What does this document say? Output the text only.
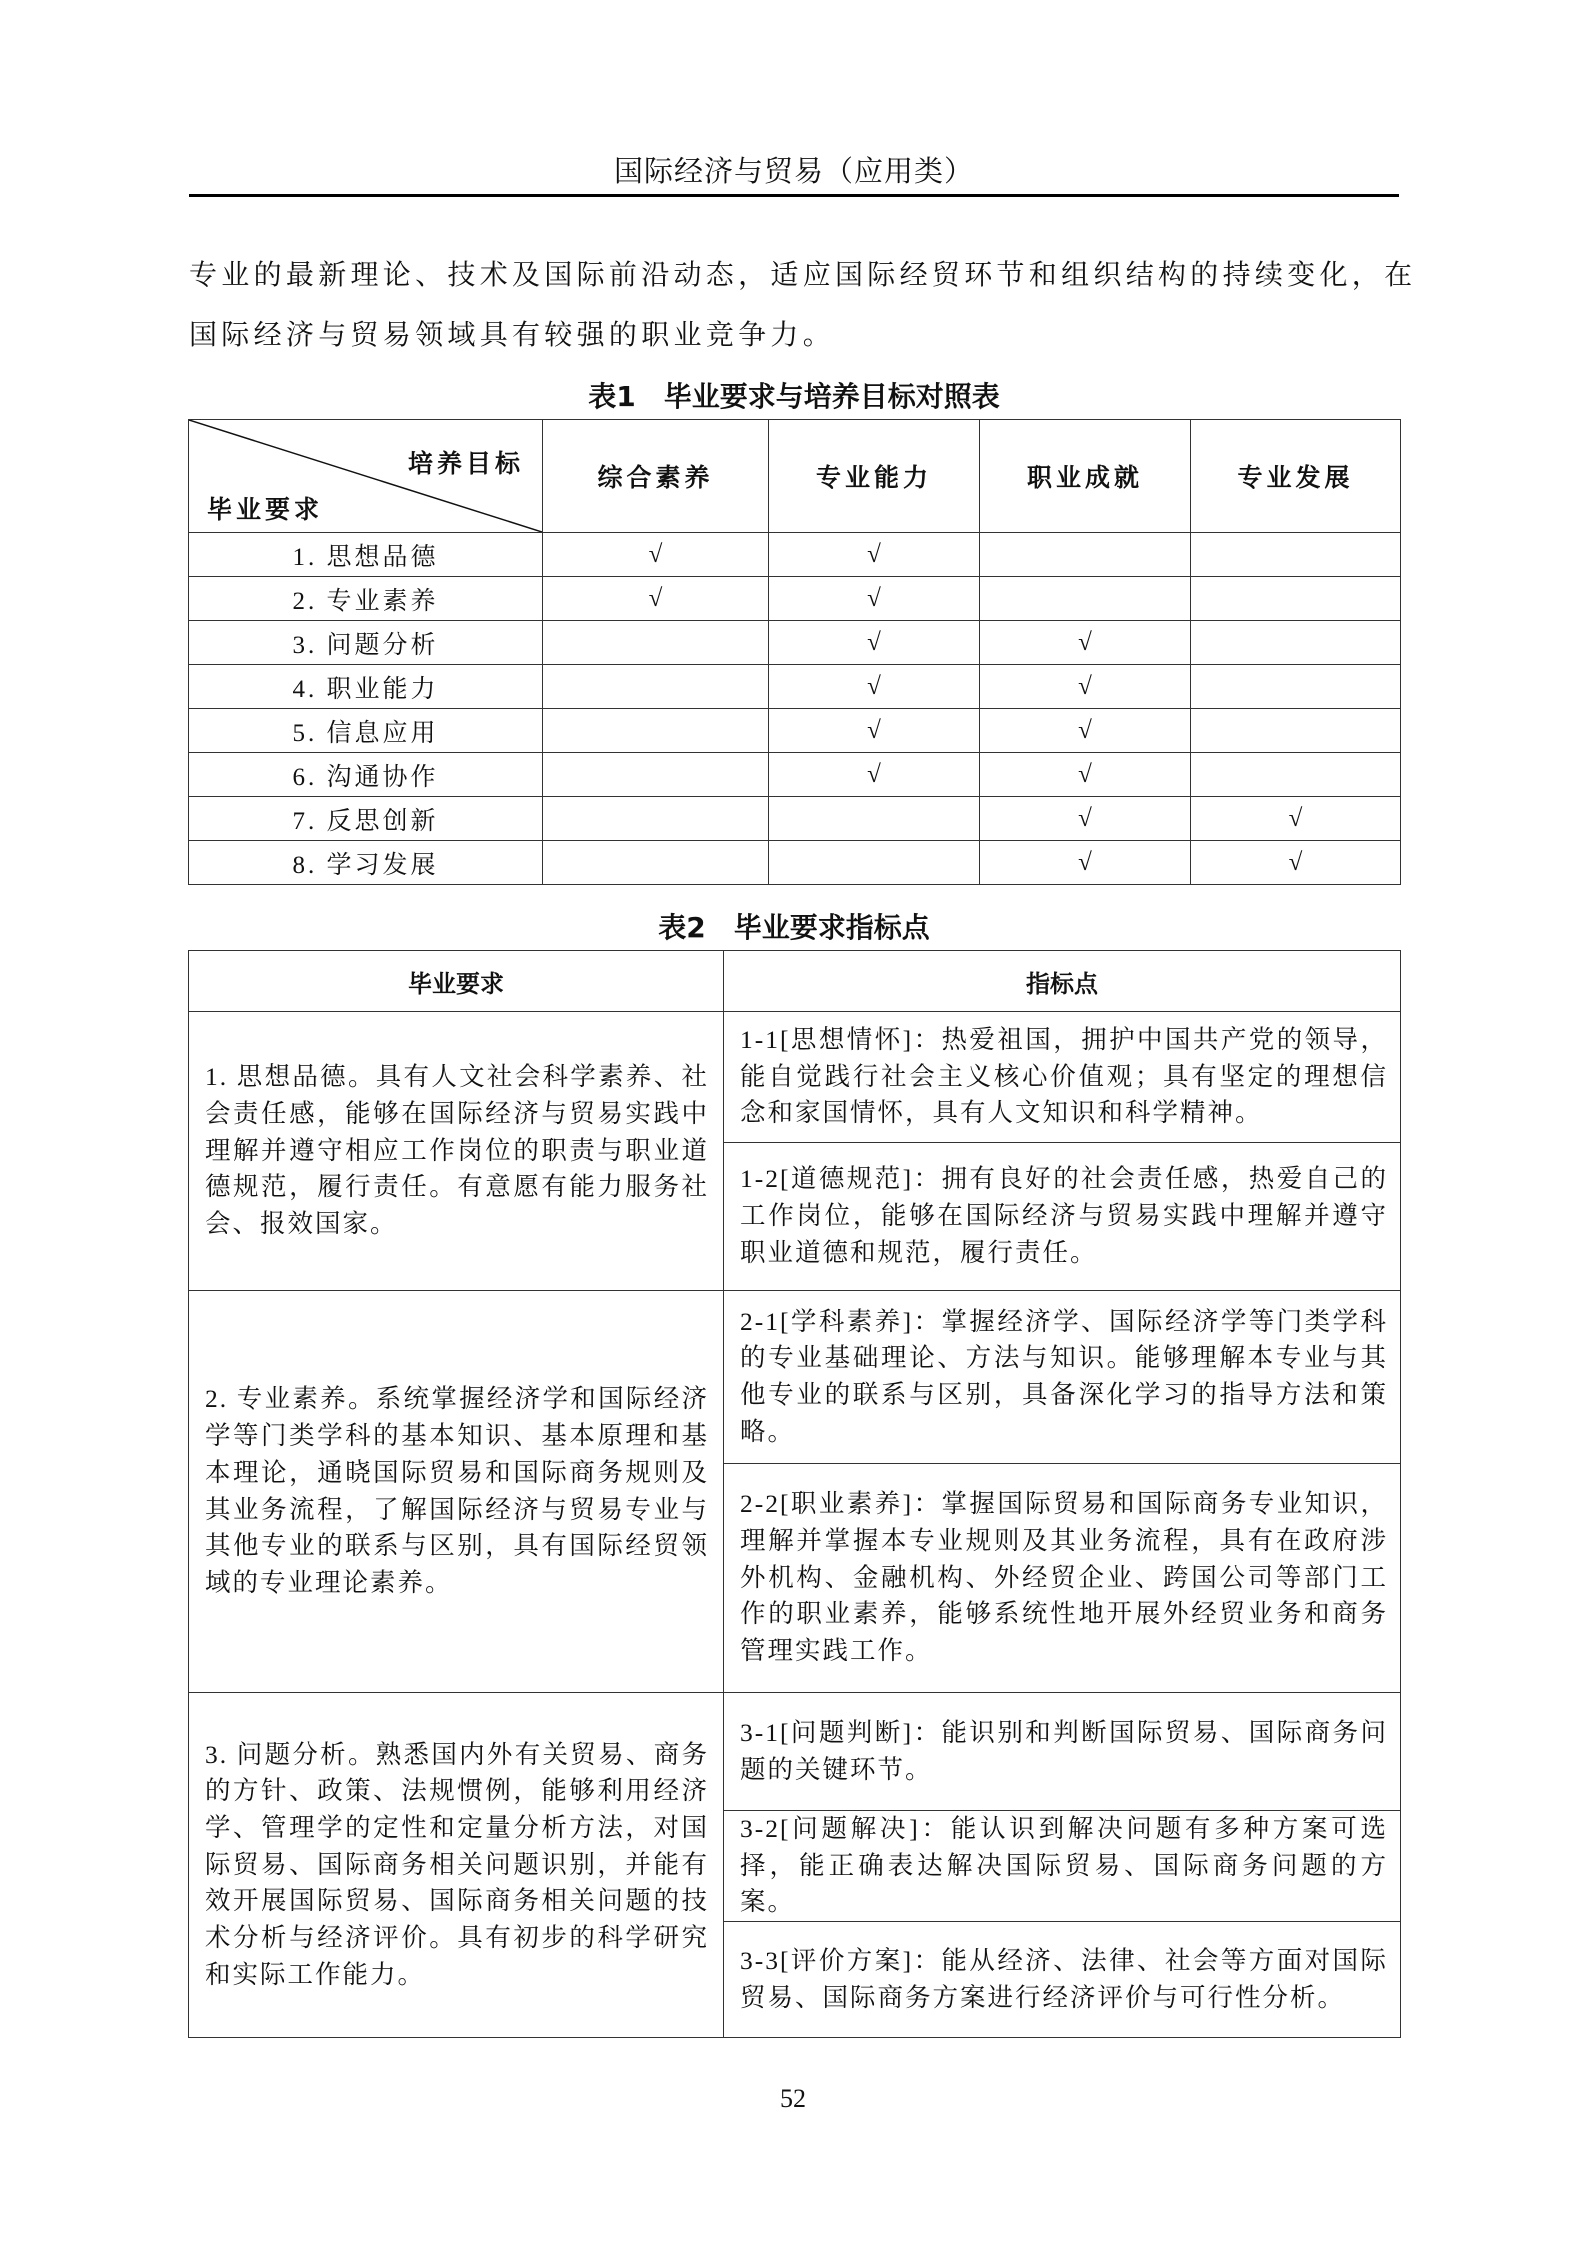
国际经济与贸易（应用类）
专业的最新理论、技术及国际前沿动态，适应国际经贸环节和组织结构的持续变化，在
国际经济与贸易领域具有较强的职业竞争力。
表1 毕业要求与培养目标对照表
培养目标
毕业要求	综合素养	专业能力	职业成就	专业发展
1. 思想品德	√	√		
2. 专业素养	√	√		
3. 问题分析		√	√	
4. 职业能力		√	√	
5. 信息应用		√	√	
6. 沟通协作		√	√	
7. 反思创新			√	√
8. 学习发展			√	√
表2 毕业要求指标点
毕业要求	指标点
1. 思想品德。具有人文社会科学素养、社会责任感，能够在国际经济与贸易实践中理解并遵守相应工作岗位的职责与职业道德规范，履行责任。有意愿有能力服务社会、报效国家。	1-1[思想情怀]：热爱祖国，拥护中国共产党的领导，能自觉践行社会主义核心价值观；具有坚定的理想信念和家国情怀，具有人文知识和科学精神。
	1-2[道德规范]：拥有良好的社会责任感，热爱自己的工作岗位，能够在国际经济与贸易实践中理解并遵守职业道德和规范，履行责任。
2. 专业素养。系统掌握经济学和国际经济学等门类学科的基本知识、基本原理和基本理论，通晓国际贸易和国际商务规则及其业务流程，了解国际经济与贸易专业与其他专业的联系与区别，具有国际经贸领域的专业理论素养。	2-1[学科素养]：掌握经济学、国际经济学等门类学科的专业基础理论、方法与知识。能够理解本专业与其他专业的联系与区别，具备深化学习的指导方法和策略。
	2-2[职业素养]：掌握国际贸易和国际商务专业知识，理解并掌握本专业规则及其业务流程，具有在政府涉外机构、金融机构、外经贸企业、跨国公司等部门工作的职业素养，能够系统性地开展外经贸业务和商务管理实践工作。
3. 问题分析。熟悉国内外有关贸易、商务的方针、政策、法规惯例，能够利用经济学、管理学的定性和定量分析方法，对国际贸易、国际商务相关问题识别，并能有效开展国际贸易、国际商务相关问题的技术分析与经济评价。具有初步的科学研究和实际工作能力。	3-1[问题判断]：能识别和判断国际贸易、国际商务问题的关键环节。
	3-2[问题解决]：能认识到解决问题有多种方案可选择，能正确表达解决国际贸易、国际商务问题的方案。
	3-3[评价方案]：能从经济、法律、社会等方面对国际贸易、国际商务方案进行经济评价与可行性分析。
52
